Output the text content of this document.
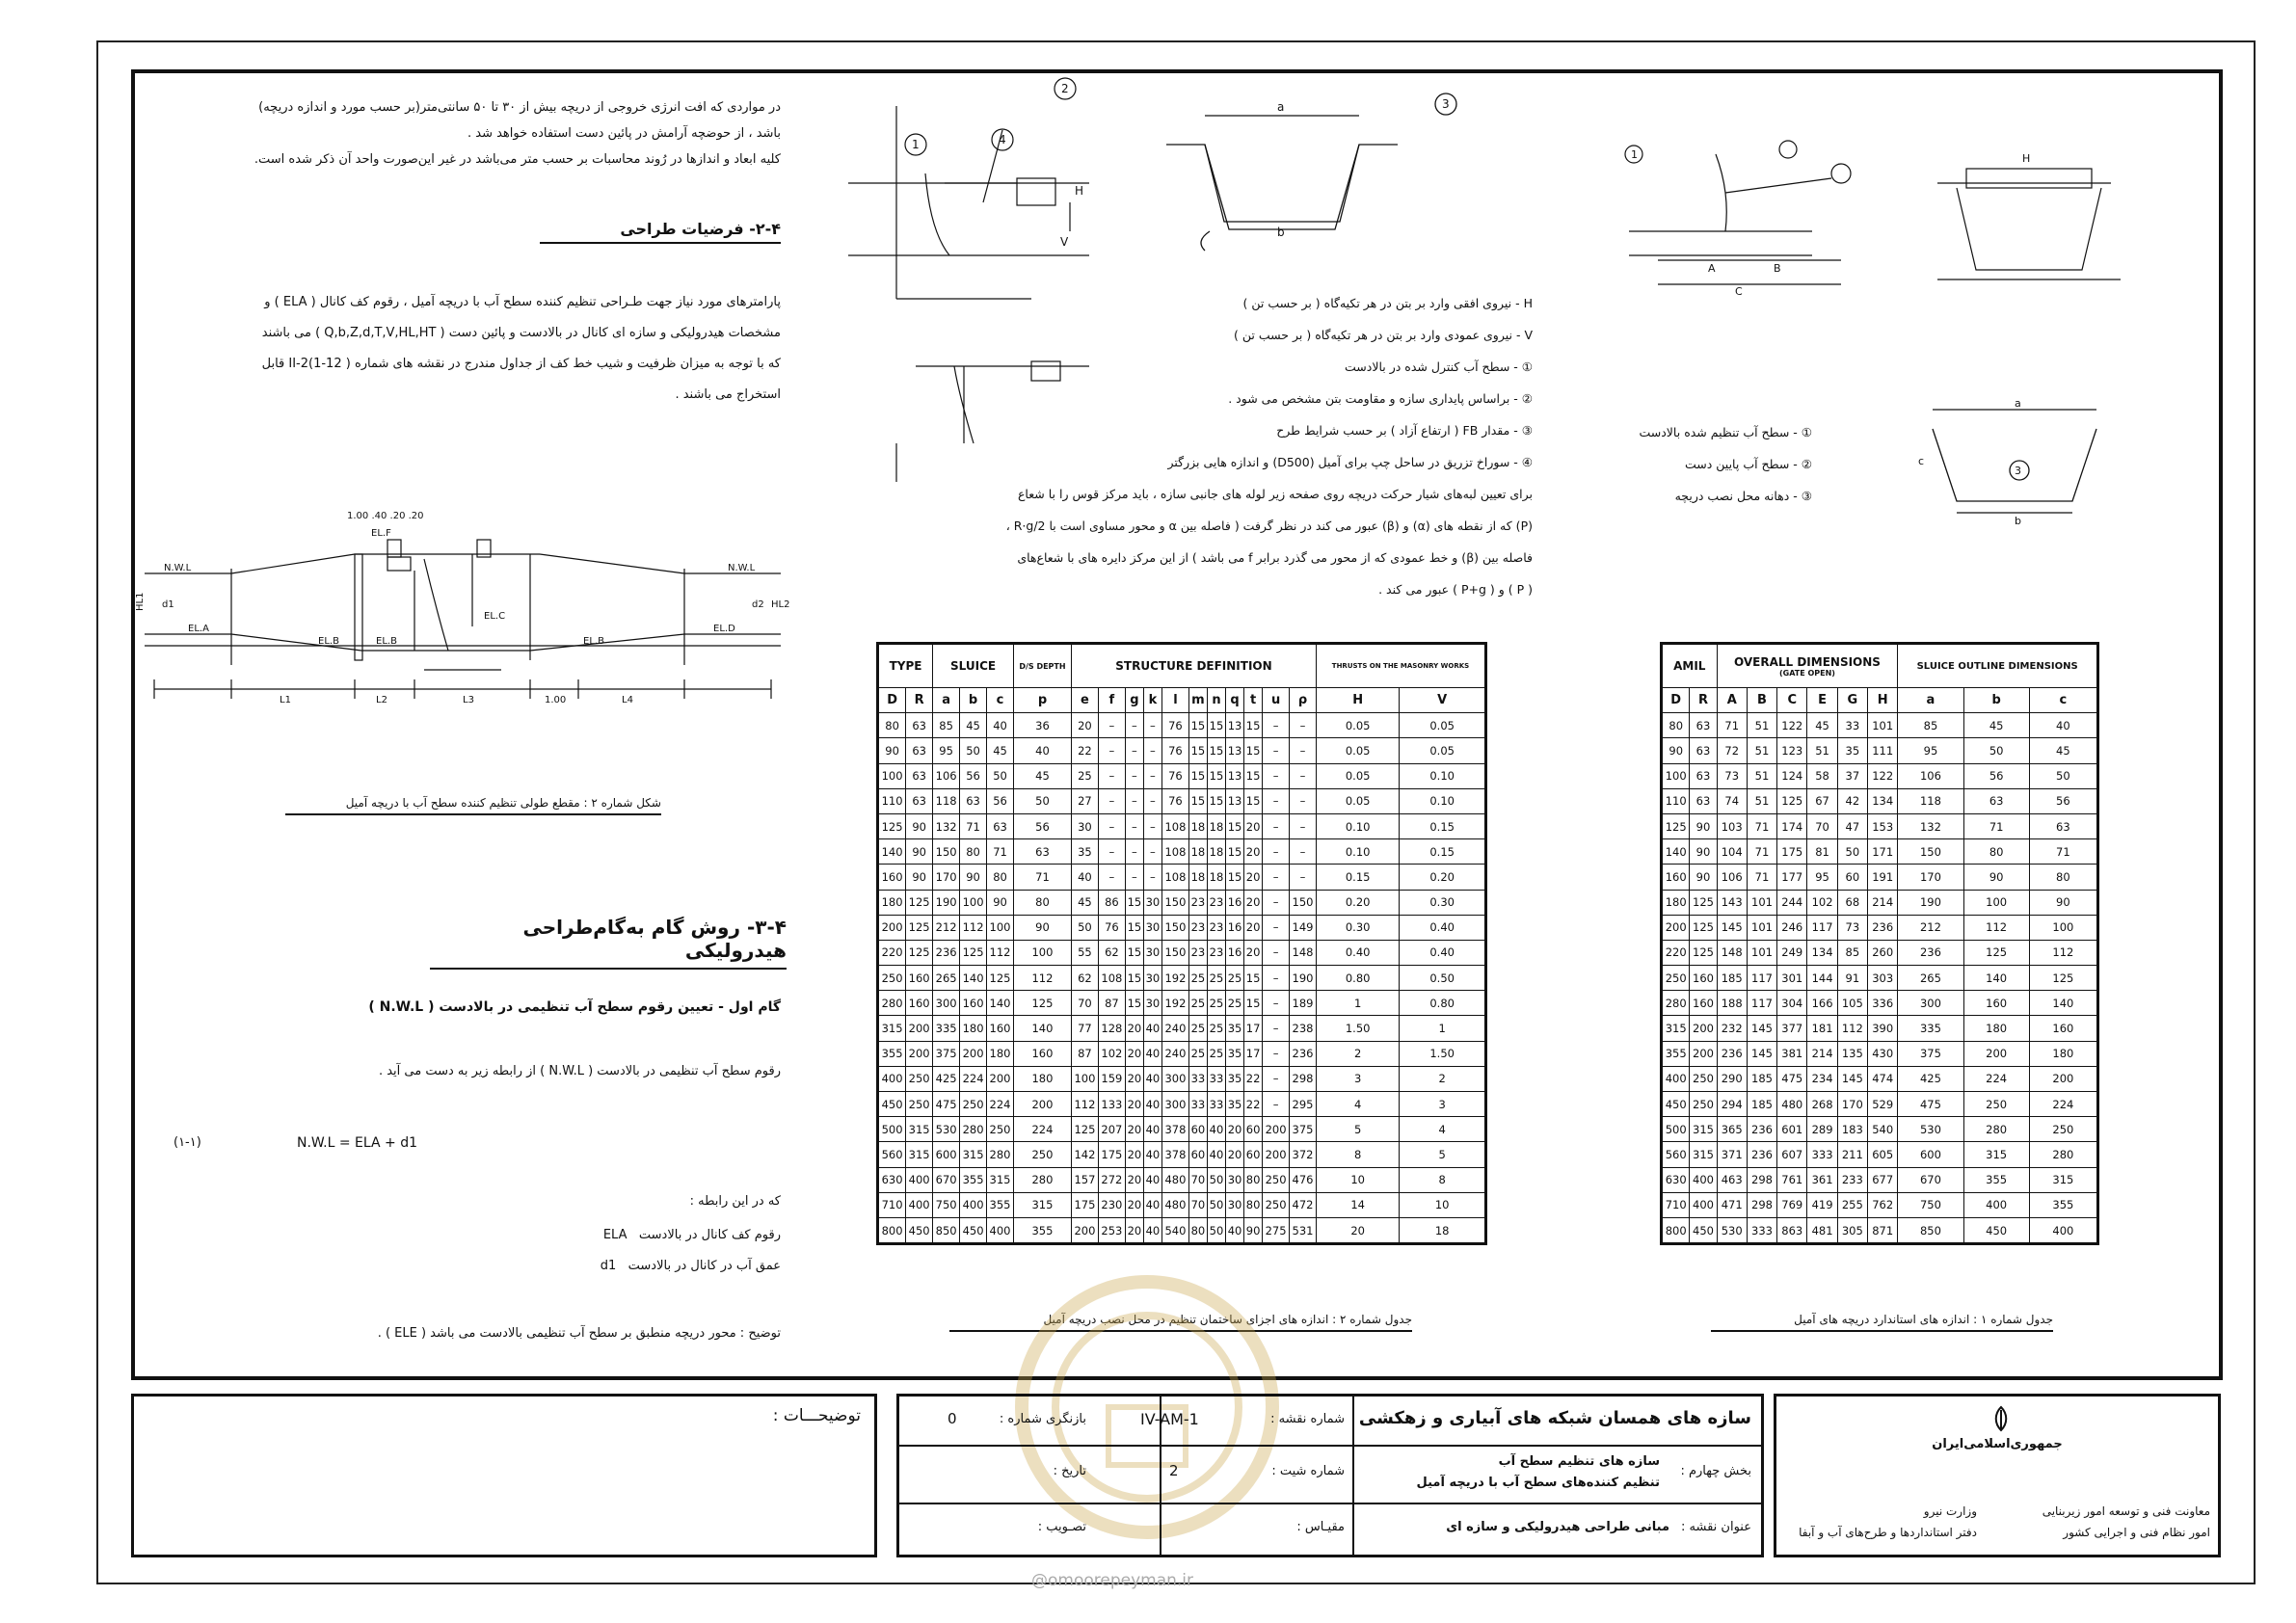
در مواردی که افت انرژی خروجی از دریچه بیش از ۳۰ تا ۵۰ سانتی‌متر(بر حسب مورد و اندازه دریچه)
باشد ، از حوضچه آرامش در پائین دست استفاده خواهد شد .
کلیه ابعاد و اندازها در رُوند محاسبات بر حسب متر می‌باشد در غیر این‌صورت واحد آن ذکر شده است.
۲-۴- فرضیات طراحی
پارامترهای مورد نیاز جهت طـراحی تنظیم کننده سطح آب با دریچه آمیل ، رقوم کف کانال ( ELA ) و
مشخصات هیدرولیکی و سازه ای کانال در بالادست و پائین دست ( Q,b,Z,d,T,V,HL,HT ) می باشند
که با توجه به میزان ظرفیت و شیب خط کف از جداول مندرج در نقشه های شماره ( II-2(1-12 قابل
استخراج می باشند .
N.W.L	N.W.L
EL.A
EL.B	EL.B
EL.C
EL.B
EL.D
EL.F
L1	L2	L3	1.00	L4
1.00 .40 .20 .20
HL1 d1	d2 HL2
شکل شماره ۲ : مقطع طولی تنظیم کننده سطح آب با دریچه آمیل
۳-۴- روش گام به‌گام‌طراحی هیدرولیکی
گام اول - تعیین رقوم سطح آب تنظیمی در بالادست ( N.W.L )
رقوم سطح آب تنظیمی در بالادست ( N.W.L ) از رابطه زیر به دست می آید .
N.W.L = ELA + d1
(۱-۱)
که در این رابطه :
رقوم کف کانال در بالادست   ELA
عمق آب در کانال در بالادست   d1
توضیح : محور دریچه منطبق بر سطح آب تنظیمی بالادست می باشد ( ELE ) .
1
2
4
H
V
3
a
b
H - نیروی افقی وارد بر بتن در هر تکیه‌گاه ( بر حسب تن )
V - نیروی عمودی وارد بر بتن در هر تکیه‌گاه ( بر حسب تن )
① - سطح آب کنترل شده در بالادست
② - براساس پایداری سازه و مقاومت بتن مشخص می شود .
③ - مقدار FB ( ارتفاع آزاد ) بر حسب شرایط طرح
④ - سوراخ تزریق در ساحل چپ برای آمیل (D500) و اندازه هایی بزرگتر
برای تعیین لبه‌های شیار حرکت دریچه روی صفحه زیر لوله های جانبی سازه ، باید مرکز قوس را با شعاع
(P) که از نقطه های (α) و (β) عبور می کند در نظر گرفت ( فاصله بین α و محور مساوی است با R·g/2 ،
فاصله بین (β) و خط عمودی که از محور می گذرد برابر f می باشد ) از این مرکز دایره های با شعاع‌های
( P ) و ( P+g ) عبور می کند .
1
A	B
C
H
① - سطح آب تنظیم شده بالادست
② - سطح آب پایین دست
③ - دهانه محل نصب دریچه
a
3
c
b
TYPE		SLUICE			D/S DEPTH	STRUCTURE DEFINITION											THRUSTS ON THE MASONRY WORKS	
D	R	a	b	c	p	e	f	g	k	l	m	n	q	t	u	ρ	H	V
80	63	85	45	40	36	20	–	–	–	76	15	15	13	15	–	–	0.05	0.05
90	63	95	50	45	40	22	–	–	–	76	15	15	13	15	–	–	0.05	0.05
100	63	106	56	50	45	25	–	–	–	76	15	15	13	15	–	–	0.05	0.10
110	63	118	63	56	50	27	–	–	–	76	15	15	13	15	–	–	0.05	0.10
125	90	132	71	63	56	30	–	–	–	108	18	18	15	20	–	–	0.10	0.15
140	90	150	80	71	63	35	–	–	–	108	18	18	15	20	–	–	0.10	0.15
160	90	170	90	80	71	40	–	–	–	108	18	18	15	20	–	–	0.15	0.20
180	125	190	100	90	80	45	86	15	30	150	23	23	16	20	–	150	0.20	0.30
200	125	212	112	100	90	50	76	15	30	150	23	23	16	20	–	149	0.30	0.40
220	125	236	125	112	100	55	62	15	30	150	23	23	16	20	–	148	0.40	0.40
250	160	265	140	125	112	62	108	15	30	192	25	25	25	15	–	190	0.80	0.50
280	160	300	160	140	125	70	87	15	30	192	25	25	25	15	–	189	1	0.80
315	200	335	180	160	140	77	128	20	40	240	25	25	35	17	–	238	1.50	1
355	200	375	200	180	160	87	102	20	40	240	25	25	35	17	–	236	2	1.50
400	250	425	224	200	180	100	159	20	40	300	33	33	35	22	–	298	3	2
450	250	475	250	224	200	112	133	20	40	300	33	33	35	22	–	295	4	3
500	315	530	280	250	224	125	207	20	40	378	60	40	20	60	200	375	5	4
560	315	600	315	280	250	142	175	20	40	378	60	40	20	60	200	372	8	5
630	400	670	355	315	280	157	272	20	40	480	70	50	30	80	250	476	10	8
710	400	750	400	355	315	175	230	20	40	480	70	50	30	80	250	472	14	10
800	450	850	450	400	355	200	253	20	40	540	80	50	40	90	275	531	20	18
جدول شماره ۲ : اندازه های اجزای ساختمان تنظیم در محل نصب دریچه آمیل
AMIL		OVERALL DIMENSIONS
(GATE OPEN)						SLUICE OUTLINE DIMENSIONS		
D	R	A	B	C	E	G	H	a	b	c
80	63	71	51	122	45	33	101	85	45	40
90	63	72	51	123	51	35	111	95	50	45
100	63	73	51	124	58	37	122	106	56	50
110	63	74	51	125	67	42	134	118	63	56
125	90	103	71	174	70	47	153	132	71	63
140	90	104	71	175	81	50	171	150	80	71
160	90	106	71	177	95	60	191	170	90	80
180	125	143	101	244	102	68	214	190	100	90
200	125	145	101	246	117	73	236	212	112	100
220	125	148	101	249	134	85	260	236	125	112
250	160	185	117	301	144	91	303	265	140	125
280	160	188	117	304	166	105	336	300	160	140
315	200	232	145	377	181	112	390	335	180	160
355	200	236	145	381	214	135	430	375	200	180
400	250	290	185	475	234	145	474	425	224	200
450	250	294	185	480	268	170	529	475	250	224
500	315	365	236	601	289	183	540	530	280	250
560	315	371	236	607	333	211	605	600	315	280
630	400	463	298	761	361	233	677	670	355	315
710	400	471	298	769	419	255	762	750	400	355
800	450	530	333	863	481	305	871	850	450	400
جدول شماره ۱ : اندازه های استاندارد دریچه های آمیل
@omoorepeyman.ir
توضیحـــات :	سازه های همسان شبکه های آبیاری و زهکشی
شماره نقشه :
IV-AM-1
بازنگری شماره :
0
بخش چهارم :
سازه های تنظیم سطح آب
تنظیم کننده‌های سطح آب با دریچه آمیل
شماره شیت :
2
تاریخ :
عنوان نقشه :
مبانی طراحی هیدرولیکی و سازه ای
مقیـاس :
تصـویب :
جمهوری‌اسلامی‌ایران
معاونت فنی و توسعه امور زیربنایی
امور نظام فنی و اجرایی کشور
وزارت نیرو
دفتر استانداردها و طرح‌های آب و آبفا
